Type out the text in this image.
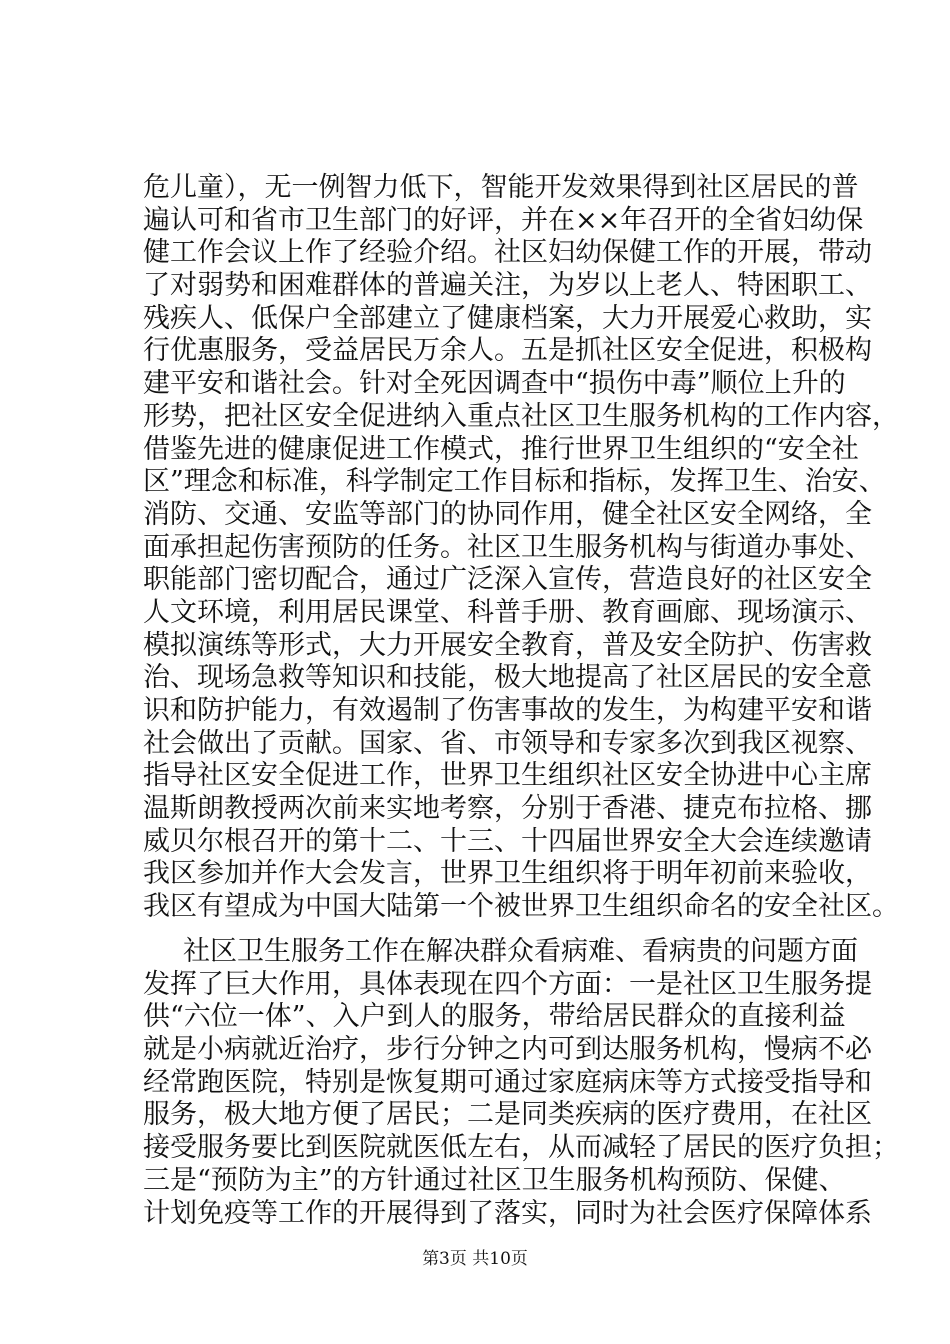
危儿童），无一例智力低下，智能开发效果得到社区居民的普
遍认可和省市卫生部门的好评，并在××年召开的全省妇幼保
健工作会议上作了经验介绍。社区妇幼保健工作的开展，带动
了对弱势和困难群体的普遍关注，为岁以上老人、特困职工、
残疾人、低保户全部建立了健康档案，大力开展爱心救助，实
行优惠服务，受益居民万余人。五是抓社区安全促进，积极构
建平安和谐社会。针对全死因调查中“损伤中毒”顺位上升的
形势，把社区安全促进纳入重点社区卫生服务机构的工作内容，
借鉴先进的健康促进工作模式，推行世界卫生组织的“安全社
区”理念和标准，科学制定工作目标和指标，发挥卫生、治安、
消防、交通、安监等部门的协同作用，健全社区安全网络，全
面承担起伤害预防的任务。社区卫生服务机构与街道办事处、
职能部门密切配合，通过广泛深入宣传，营造良好的社区安全
人文环境，利用居民课堂、科普手册、教育画廊、现场演示、
模拟演练等形式，大力开展安全教育，普及安全防护、伤害救
治、现场急救等知识和技能，极大地提高了社区居民的安全意
识和防护能力，有效遏制了伤害事故的发生，为构建平安和谐
社会做出了贡献。国家、省、市领导和专家多次到我区视察、
指导社区安全促进工作，世界卫生组织社区安全协进中心主席
温斯朗教授两次前来实地考察，分别于香港、捷克布拉格、挪
威贝尔根召开的第十二、十三、十四届世界安全大会连续邀请
我区参加并作大会发言，世界卫生组织将于明年初前来验收，
我区有望成为中国大陆第一个被世界卫生组织命名的安全社区。
社区卫生服务工作在解决群众看病难、看病贵的问题方面
发挥了巨大作用，具体表现在四个方面：一是社区卫生服务提
供“六位一体”、入户到人的服务，带给居民群众的直接利益
就是小病就近治疗，步行分钟之内可到达服务机构，慢病不必
经常跑医院，特别是恢复期可通过家庭病床等方式接受指导和
服务，极大地方便了居民；二是同类疾病的医疗费用，在社区
接受服务要比到医院就医低左右，从而减轻了居民的医疗负担；
三是“预防为主”的方针通过社区卫生服务机构预防、保健、
计划免疫等工作的开展得到了落实，同时为社会医疗保障体系
第3页 共10页
